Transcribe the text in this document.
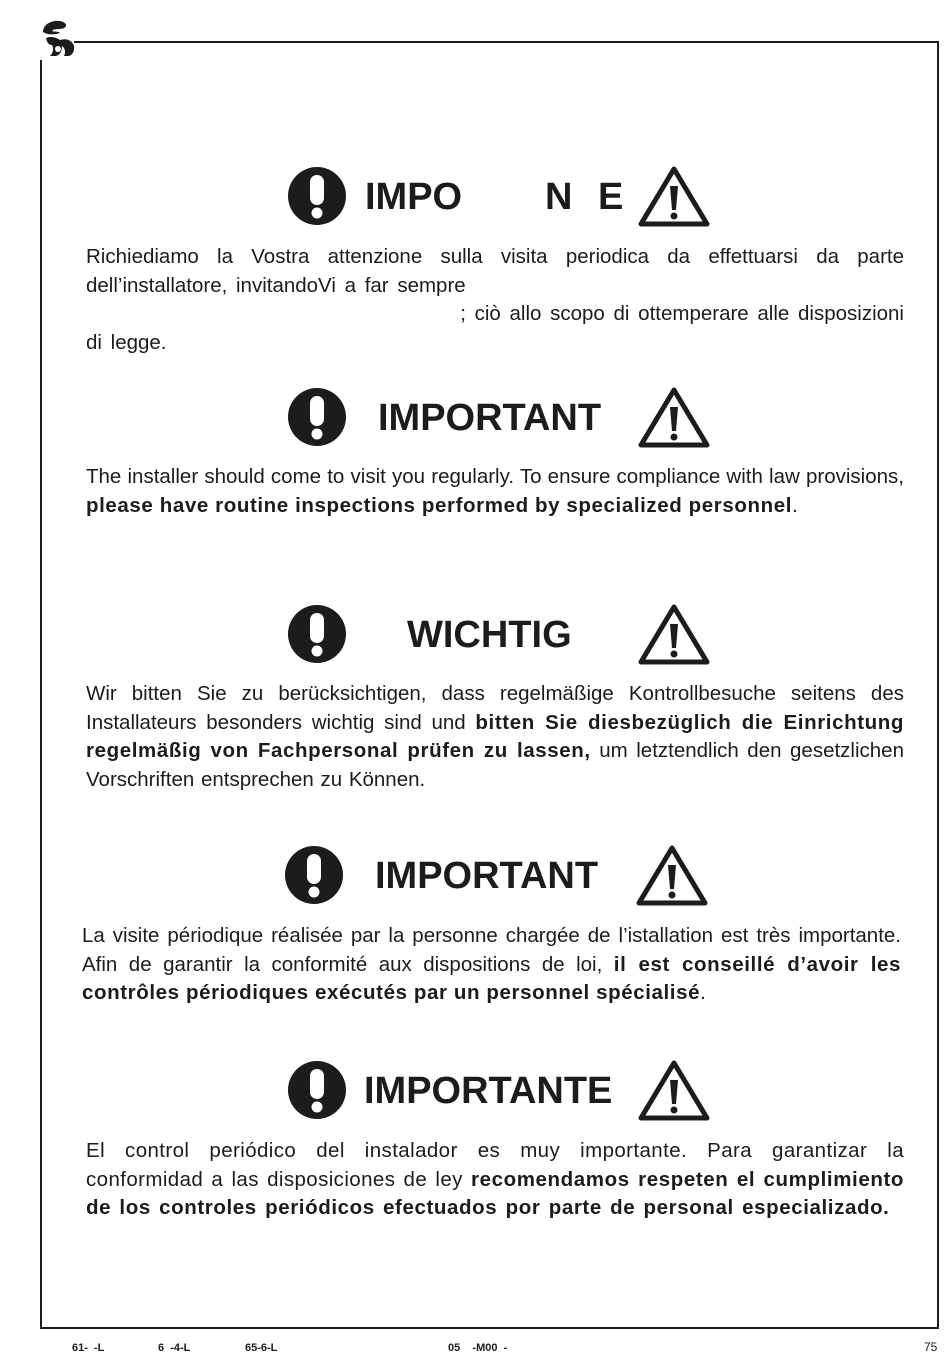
IMPO N E
Richiediamo la Vostra attenzione sulla visita periodica da effettuarsi da parte dell’installatore, invitandoVi a far sempre
; ciò allo scopo di ottemperare alle disposizioni
di legge.
IMPORTANT
The installer should come to visit you regularly. To ensure compliance with law provisions, please have routine inspections performed by specialized personnel.
WICHTIG
Wir bitten Sie zu berücksichtigen, dass regelmäßige Kontrollbesuche seitens des Installateurs besonders wichtig sind und bitten Sie diesbezüglich die Einrichtung regelmäßig von Fachpersonal prüfen zu lassen, um letztendlich den gesetzlichen Vorschriften entsprechen zu Können.
IMPORTANT
La visite périodique réalisée par la personne chargée de l’istallation est très importante. Afin de garantir la conformité aux dispositions de loi, il est conseillé d’avoir les contrôles périodiques exécutés par un personnel spécialisé.
IMPORTANTE
El control periódico del instalador es muy importante. Para garantizar la conformidad a las disposiciones de ley recomendamos respeten el cumplimiento de los controles periódicos efectuados por parte de personal especializado.
61-  -L	6  -4-L	65-6-L	05    -M00  -	75
